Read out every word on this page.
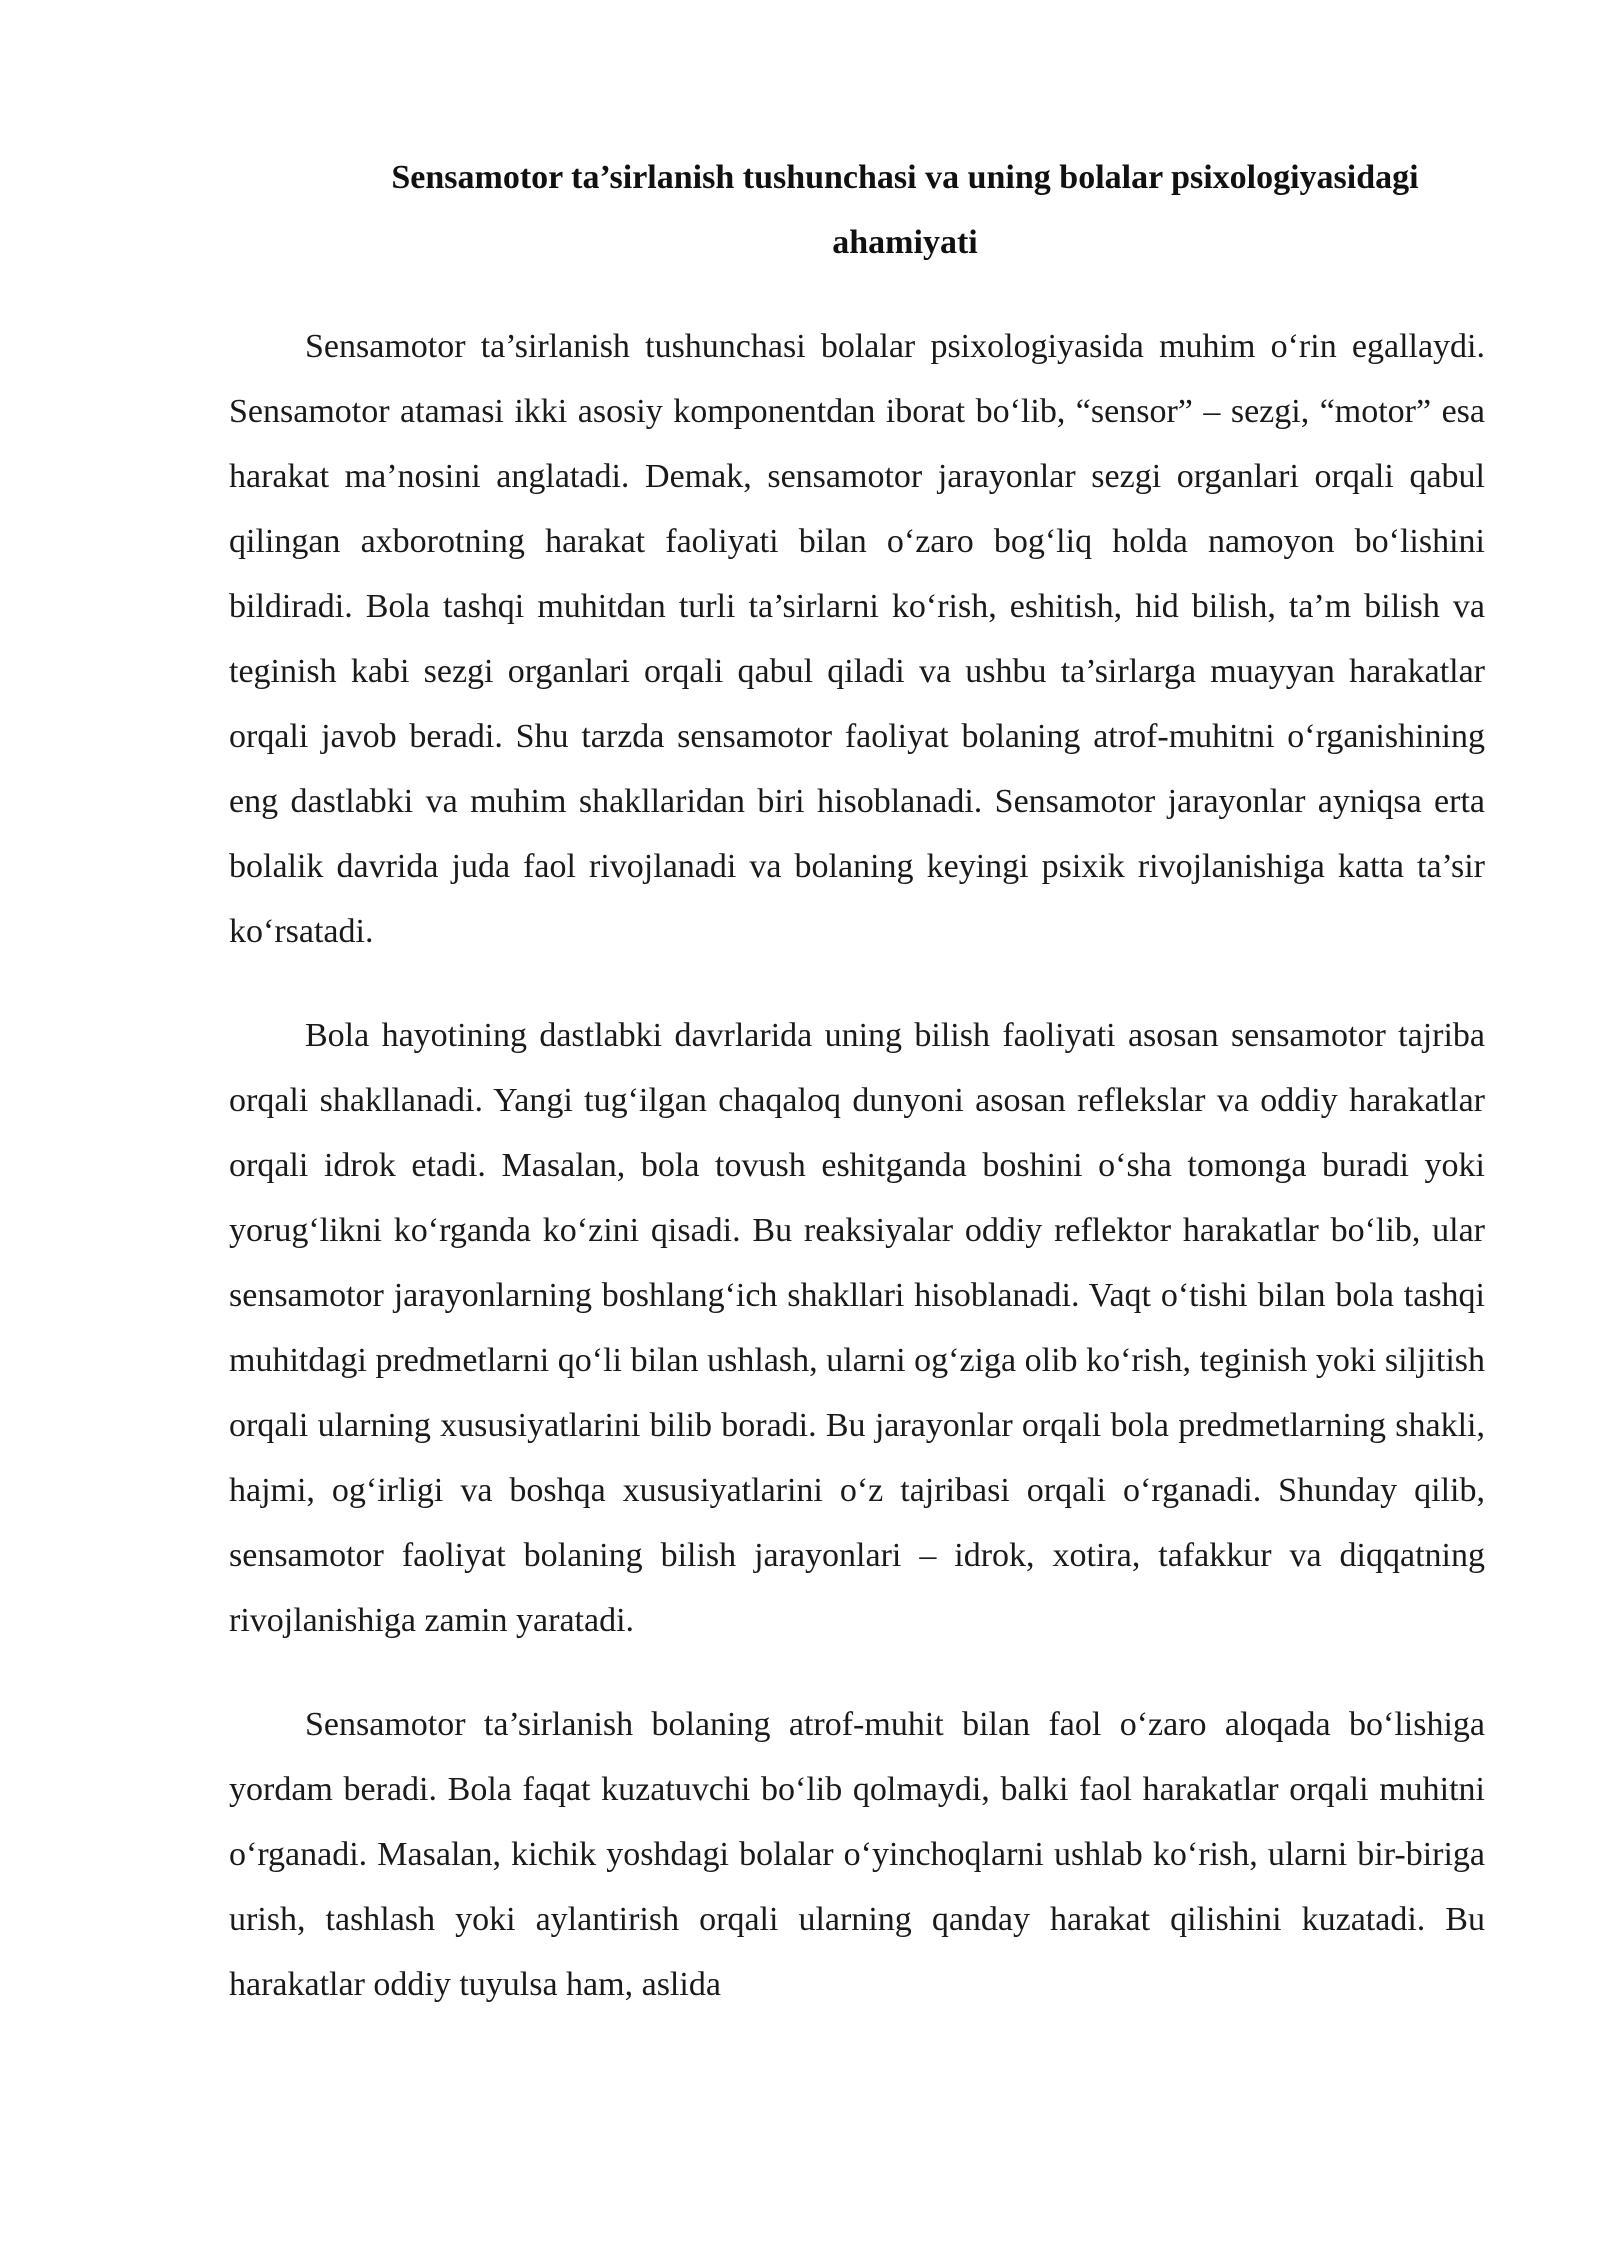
Sensamotor ta’sirlanish tushunchasi va uning bolalar psixologiyasidagi ahamiyati

Sensamotor ta’sirlanish tushunchasi bolalar psixologiyasida muhim o‘rin egallaydi. Sensamotor atamasi ikki asosiy komponentdan iborat bo‘lib, “sensor” – sezgi, “motor” esa harakat ma’nosini anglatadi. Demak, sensamotor jarayonlar sezgi organlari orqali qabul qilingan axborotning harakat faoliyati bilan o‘zaro bog‘liq holda namoyon bo‘lishini bildiradi. Bola tashqi muhitdan turli ta’sirlarni ko‘rish, eshitish, hid bilish, ta’m bilish va teginish kabi sezgi organlari orqali qabul qiladi va ushbu ta’sirlarga muayyan harakatlar orqali javob beradi. Shu tarzda sensamotor faoliyat bolaning atrof-muhitni o‘rganishining eng dastlabki va muhim shakllaridan biri hisoblanadi. Sensamotor jarayonlar ayniqsa erta bolalik davrida juda faol rivojlanadi va bolaning keyingi psixik rivojlanishiga katta ta’sir ko‘rsatadi.

Bola hayotining dastlabki davrlarida uning bilish faoliyati asosan sensamotor tajriba orqali shakllanadi. Yangi tug‘ilgan chaqaloq dunyoni asosan reflekslar va oddiy harakatlar orqali idrok etadi. Masalan, bola tovush eshitganda boshini o‘sha tomonga buradi yoki yorug‘likni ko‘rganda ko‘zini qisadi. Bu reaksiyalar oddiy reflektor harakatlar bo‘lib, ular sensamotor jarayonlarning boshlang‘ich shakllari hisoblanadi. Vaqt o‘tishi bilan bola tashqi muhitdagi predmetlarni qo‘li bilan ushlash, ularni og‘ziga olib ko‘rish, teginish yoki siljitish orqali ularning xususiyatlarini bilib boradi. Bu jarayonlar orqali bola predmetlarning shakli, hajmi, og‘irligi va boshqa xususiyatlarini o‘z tajribasi orqali o‘rganadi. Shunday qilib, sensamotor faoliyat bolaning bilish jarayonlari – idrok, xotira, tafakkur va diqqatning rivojlanishiga zamin yaratadi.

Sensamotor ta’sirlanish bolaning atrof-muhit bilan faol o‘zaro aloqada bo‘lishiga yordam beradi. Bola faqat kuzatuvchi bo‘lib qolmaydi, balki faol harakatlar orqali muhitni o‘rganadi. Masalan, kichik yoshdagi bolalar o‘yinchoqlarni ushlab ko‘rish, ularni bir-biriga urish, tashlash yoki aylantirish orqali ularning qanday harakat qilishini kuzatadi. Bu harakatlar oddiy tuyulsa ham, aslida
